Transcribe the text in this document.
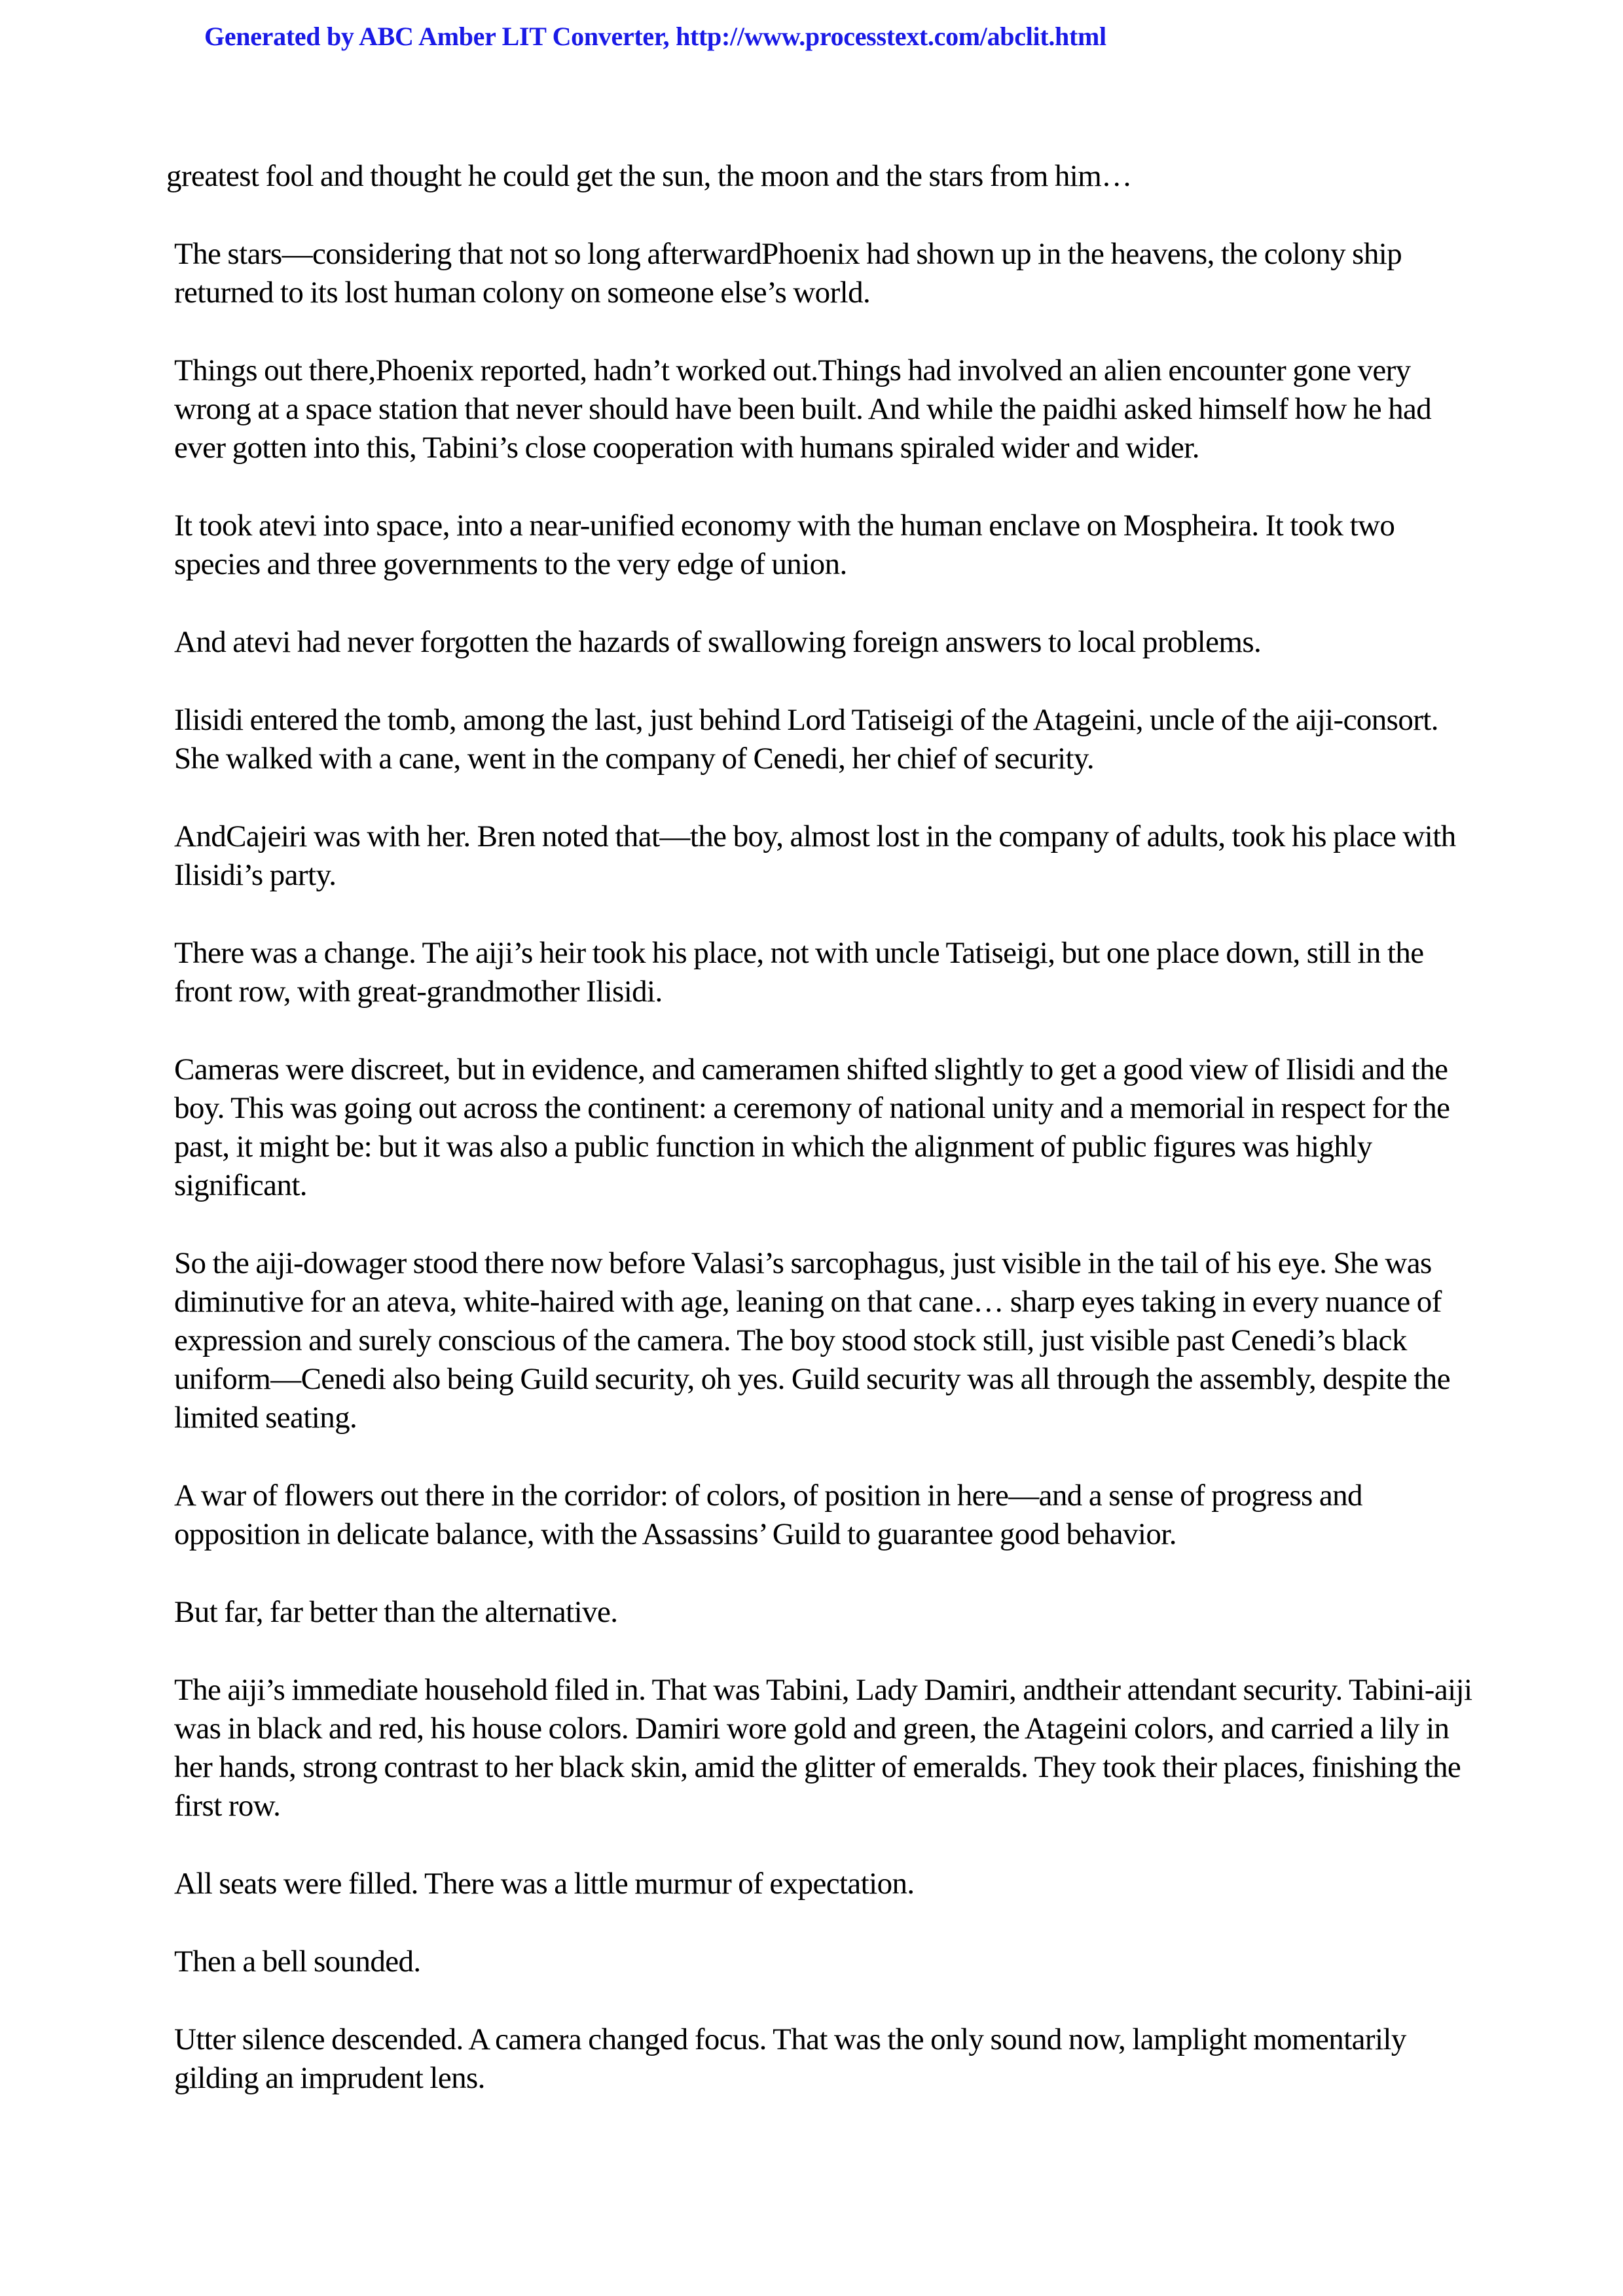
Generated by ABC Amber LIT Converter, http://www.processtext.com/abclit.html

greatest fool and thought he could get the sun, the moon and the stars from him…

The stars—considering that not so long afterwardPhoenix had shown up in the heavens, the colony ship returned to its lost human colony on someone else’s world.

Things out there,Phoenix reported, hadn’t worked out.Things had involved an alien encounter gone very wrong at a space station that never should have been built. And while the paidhi asked himself how he had ever gotten into this, Tabini’s close cooperation with humans spiraled wider and wider.

It took atevi into space, into a near-unified economy with the human enclave on Mospheira. It took two species and three governments to the very edge of union.

And atevi had never forgotten the hazards of swallowing foreign answers to local problems.

Ilisidi entered the tomb, among the last, just behind Lord Tatiseigi of the Atageini, uncle of the aiji-consort. She walked with a cane, went in the company of Cenedi, her chief of security.

AndCajeiri was with her. Bren noted that—the boy, almost lost in the company of adults, took his place with Ilisidi’s party.

There was a change. The aiji’s heir took his place, not with uncle Tatiseigi, but one place down, still in the front row, with great-grandmother Ilisidi.

Cameras were discreet, but in evidence, and cameramen shifted slightly to get a good view of Ilisidi and the boy. This was going out across the continent: a ceremony of national unity and a memorial in respect for the past, it might be: but it was also a public function in which the alignment of public figures was highly significant.

So the aiji-dowager stood there now before Valasi’s sarcophagus, just visible in the tail of his eye. She was diminutive for an ateva, white-haired with age, leaning on that cane… sharp eyes taking in every nuance of expression and surely conscious of the camera. The boy stood stock still, just visible past Cenedi’s black uniform—Cenedi also being Guild security, oh yes. Guild security was all through the assembly, despite the limited seating.

A war of flowers out there in the corridor: of colors, of position in here—and a sense of progress and opposition in delicate balance, with the Assassins’ Guild to guarantee good behavior.

But far, far better than the alternative.

The aiji’s immediate household filed in. That was Tabini, Lady Damiri, andtheir attendant security. Tabini-aiji was in black and red, his house colors. Damiri wore gold and green, the Atageini colors, and carried a lily in her hands, strong contrast to her black skin, amid the glitter of emeralds. They took their places, finishing the first row.

All seats were filled. There was a little murmur of expectation.

Then a bell sounded.

Utter silence descended. A camera changed focus. That was the only sound now, lamplight momentarily gilding an imprudent lens.
